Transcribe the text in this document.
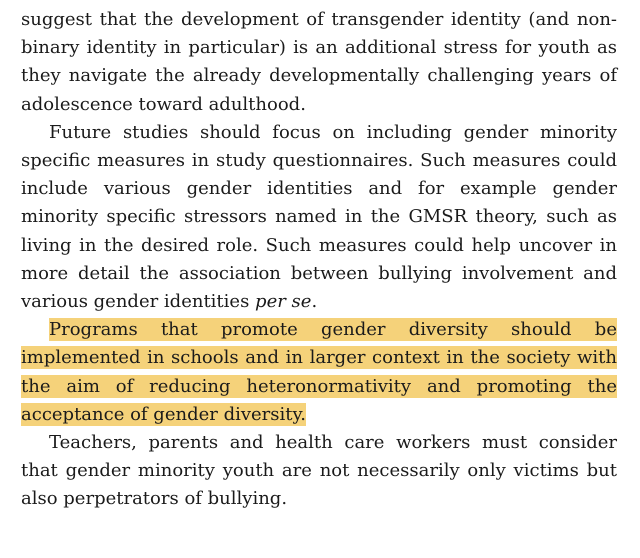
suggest that the development of transgender identity (and non-binary identity in particular) is an additional stress for youth as they navigate the already developmentally challenging years of adolescence toward adulthood.

Future studies should focus on including gender minority specific measures in study questionnaires. Such measures could include various gender identities and for example gender minority specific stressors named in the GMSR theory, such as living in the desired role. Such measures could help uncover in more detail the association between bullying involvement and various gender identities per se.

Programs that promote gender diversity should be implemented in schools and in larger context in the society with the aim of reducing heteronormativity and promoting the acceptance of gender diversity.

Teachers, parents and health care workers must consider that gender minority youth are not necessarily only victims but also perpetrators of bullying.
